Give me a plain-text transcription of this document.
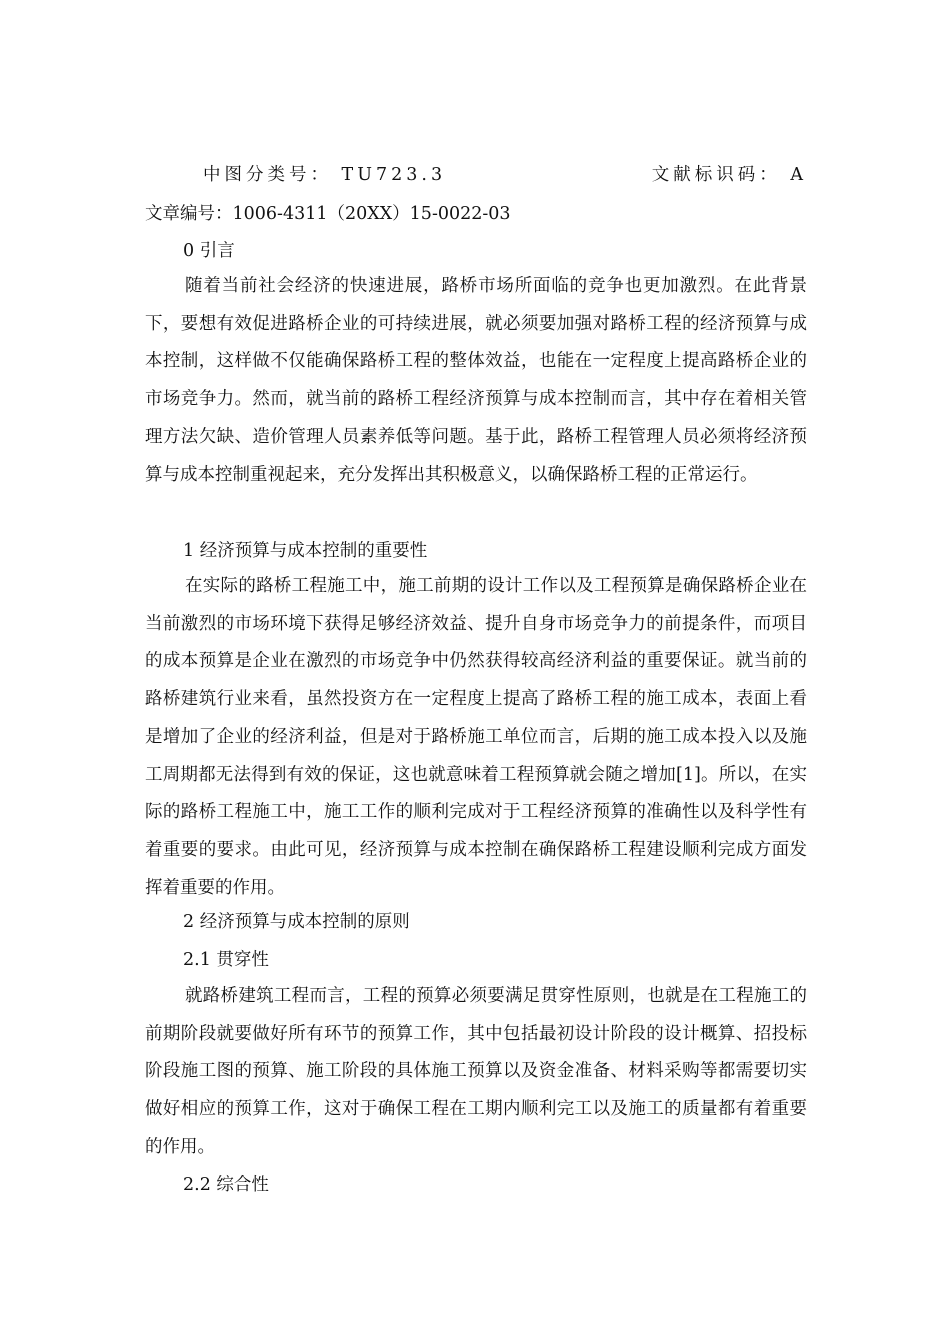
中图分类号： TU723.3	文献标识码： A
文章编号：1006-4311（20XX）15-0022-03
0 引言

随着当前社会经济的快速进展，路桥市场所面临的竞争也更加激烈。在此背景下，要想有效促进路桥企业的可持续进展，就必须要加强对路桥工程的经济预算与成本控制，这样做不仅能确保路桥工程的整体效益，也能在一定程度上提高路桥企业的市场竞争力。然而，就当前的路桥工程经济预算与成本控制而言，其中存在着相关管理方法欠缺、造价管理人员素养低等问题。基于此，路桥工程管理人员必须将经济预算与成本控制重视起来，充分发挥出其积极意义，以确保路桥工程的正常运行。

1 经济预算与成本控制的重要性

在实际的路桥工程施工中，施工前期的设计工作以及工程预算是确保路桥企业在当前激烈的市场环境下获得足够经济效益、提升自身市场竞争力的前提条件，而项目的成本预算是企业在激烈的市场竞争中仍然获得较高经济利益的重要保证。就当前的路桥建筑行业来看，虽然投资方在一定程度上提高了路桥工程的施工成本，表面上看是增加了企业的经济利益，但是对于路桥施工单位而言，后期的施工成本投入以及施工周期都无法得到有效的保证，这也就意味着工程预算就会随之增加[1]。所以，在实际的路桥工程施工中，施工工作的顺利完成对于工程经济预算的准确性以及科学性有着重要的要求。由此可见，经济预算与成本控制在确保路桥工程建设顺利完成方面发挥着重要的作用。

2 经济预算与成本控制的原则
2.1 贯穿性

就路桥建筑工程而言，工程的预算必须要满足贯穿性原则，也就是在工程施工的前期阶段就要做好所有环节的预算工作，其中包括最初设计阶段的设计概算、招投标阶段施工图的预算、施工阶段的具体施工预算以及资金准备、材料采购等都需要切实做好相应的预算工作，这对于确保工程在工期内顺利完工以及施工的质量都有着重要的作用。

2.2 综合性
